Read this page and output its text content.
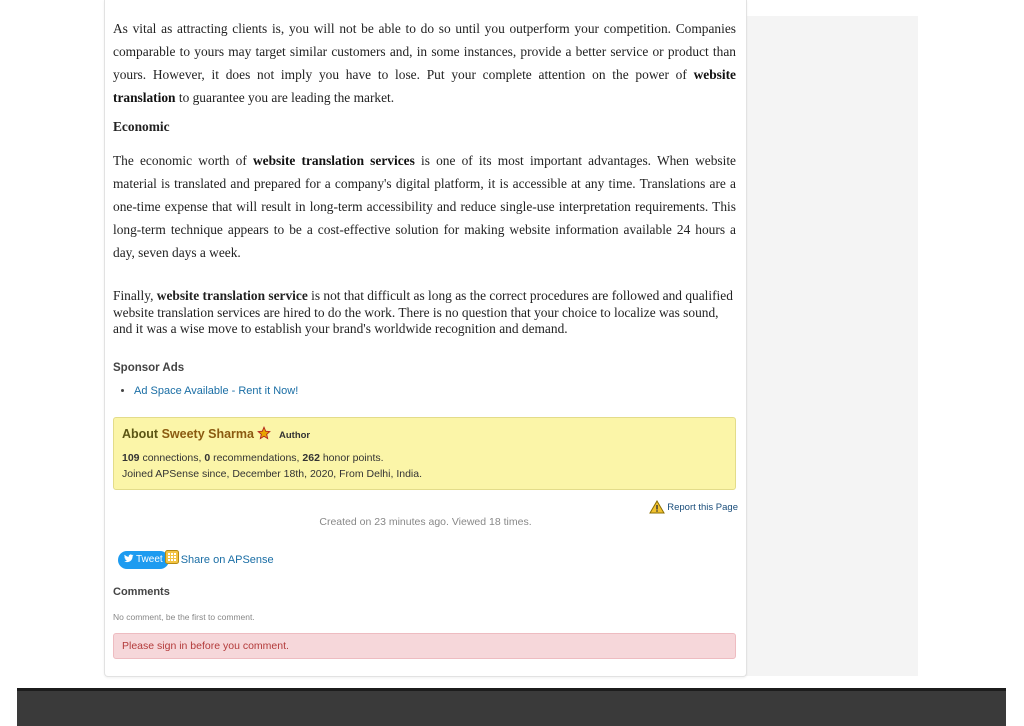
As vital as attracting clients is, you will not be able to do so until you outperform your competition. Companies comparable to yours may target similar customers and, in some instances, provide a better service or product than yours. However, it does not imply you have to lose. Put your complete attention on the power of website translation to guarantee you are leading the market.
Economic
The economic worth of website translation services is one of its most important advantages. When website material is translated and prepared for a company's digital platform, it is accessible at any time. Translations are a one-time expense that will result in long-term accessibility and reduce single-use interpretation requirements. This long-term technique appears to be a cost-effective solution for making website information available 24 hours a day, seven days a week.
Finally, website translation service is not that difficult as long as the correct procedures are followed and qualified website translation services are hired to do the work. There is no question that your choice to localize was sound, and it was a wise move to establish your brand's worldwide recognition and demand.
Sponsor Ads
• Ad Space Available - Rent it Now!
About Sweety Sharma	Author
109 connections, 0 recommendations, 262 honor points.
Joined APSense since, December 18th, 2020, From Delhi, India.
Report this Page
Created on 23 minutes ago. Viewed 18 times.
Tweet Share on APSense
Comments
No comment, be the first to comment.
Please sign in before you comment.
